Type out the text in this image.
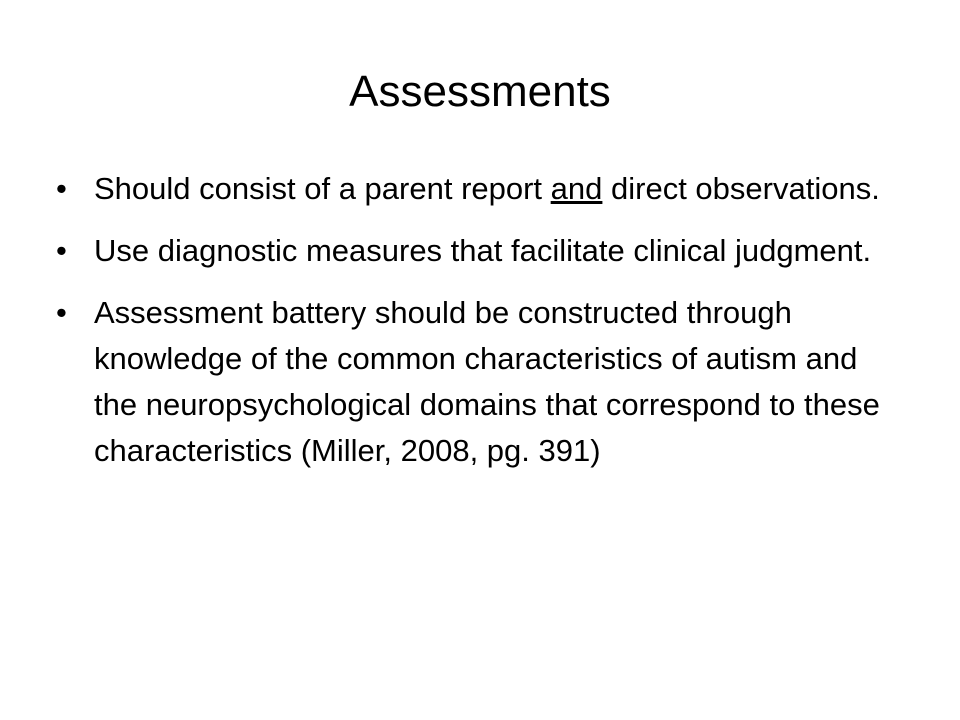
Assessments
• Should consist of a parent report and direct observations.
• Use diagnostic measures that facilitate clinical judgment.
• Assessment battery should be constructed through knowledge of the common characteristics of autism and the neuropsychological domains that correspond to these characteristics (Miller, 2008, pg. 391)
